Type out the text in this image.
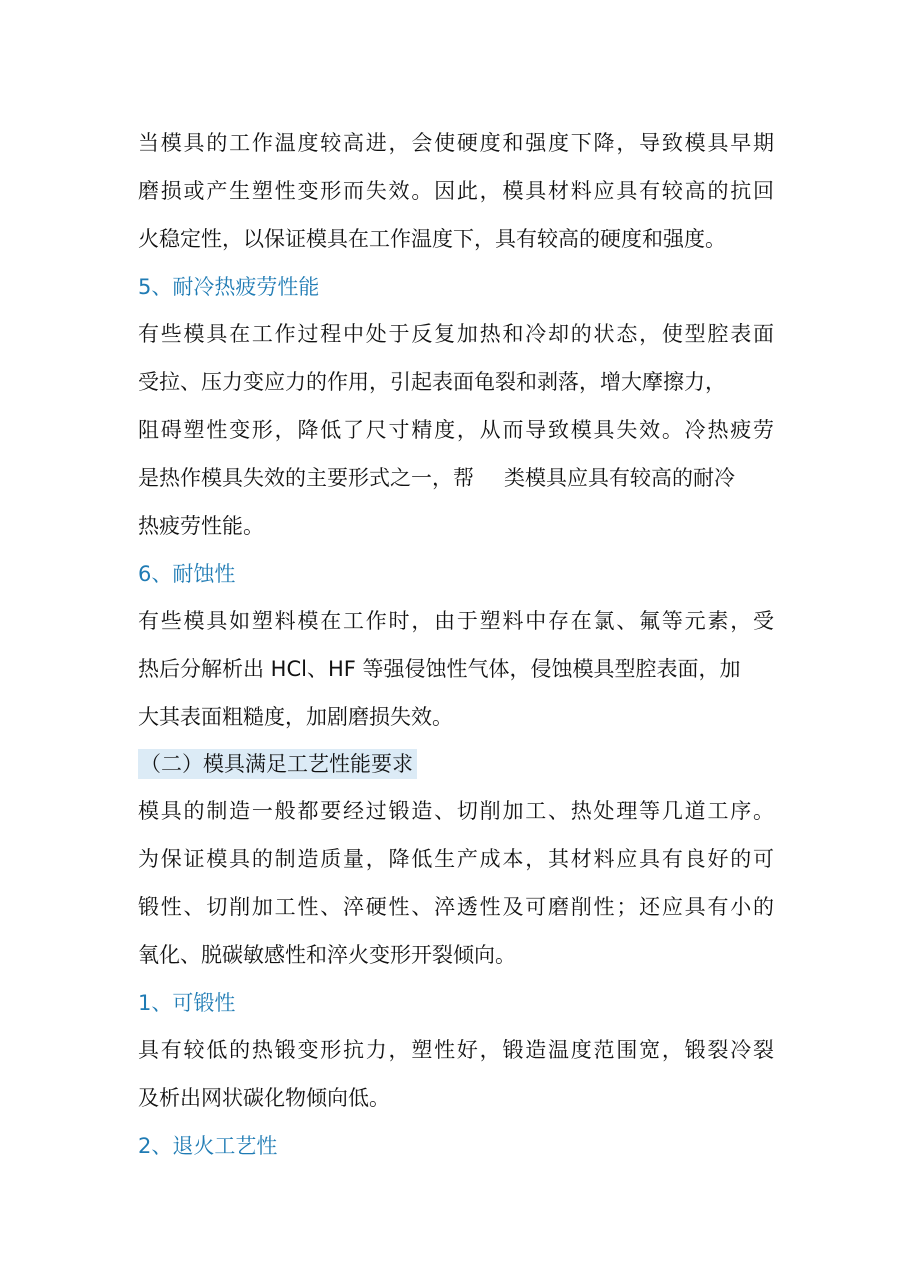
当模具的工作温度较高进，会使硬度和强度下降，导致模具早期
磨损或产生塑性变形而失效。因此，模具材料应具有较高的抗回
火稳定性，以保证模具在工作温度下，具有较高的硬度和强度。
5、耐冷热疲劳性能
有些模具在工作过程中处于反复加热和冷却的状态，使型腔表面
受拉、压力变应力的作用，引起表面龟裂和剥落，增大摩擦力，
阻碍塑性变形，降低了尺寸精度，从而导致模具失效。冷热疲劳
是热作模具失效的主要形式之一，帮 类模具应具有较高的耐冷
热疲劳性能。
6、耐蚀性
有些模具如塑料模在工作时，由于塑料中存在氯、氟等元素，受
热后分解析出 HCl、HF 等强侵蚀性气体，侵蚀模具型腔表面，加
大其表面粗糙度，加剧磨损失效。
（二）模具满足工艺性能要求
模具的制造一般都要经过锻造、切削加工、热处理等几道工序。
为保证模具的制造质量，降低生产成本，其材料应具有良好的可
锻性、切削加工性、淬硬性、淬透性及可磨削性；还应具有小的
氧化、脱碳敏感性和淬火变形开裂倾向。
1、可锻性
具有较低的热锻变形抗力，塑性好，锻造温度范围宽，锻裂冷裂
及析出网状碳化物倾向低。
2、退火工艺性
